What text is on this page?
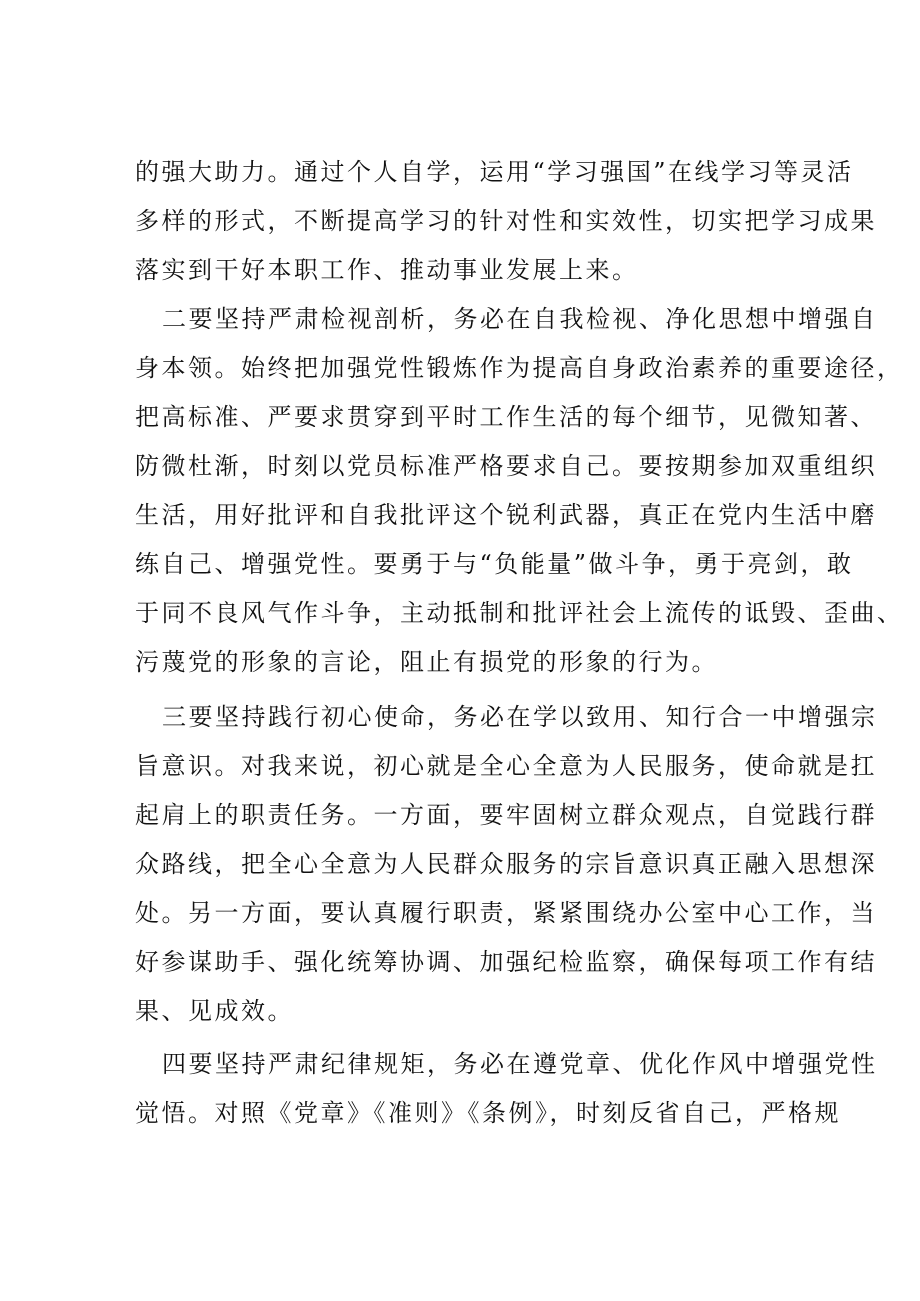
的强大助力。通过个人自学，运用“学习强国”在线学习等灵活
多样的形式，不断提高学习的针对性和实效性，切实把学习成果
落实到干好本职工作、推动事业发展上来。
二要坚持严肃检视剖析，务必在自我检视、净化思想中增强自
身本领。始终把加强党性锻炼作为提高自身政治素养的重要途径，
把高标准、严要求贯穿到平时工作生活的每个细节，见微知著、
防微杜渐，时刻以党员标准严格要求自己。要按期参加双重组织
生活，用好批评和自我批评这个锐利武器，真正在党内生活中磨
练自己、增强党性。要勇于与“负能量”做斗争，勇于亮剑，敢
于同不良风气作斗争，主动抵制和批评社会上流传的诋毁、歪曲、
污蔑党的形象的言论，阻止有损党的形象的行为。
三要坚持践行初心使命，务必在学以致用、知行合一中增强宗
旨意识。对我来说，初心就是全心全意为人民服务，使命就是扛
起肩上的职责任务。一方面，要牢固树立群众观点，自觉践行群
众路线，把全心全意为人民群众服务的宗旨意识真正融入思想深
处。另一方面，要认真履行职责，紧紧围绕办公室中心工作，当
好参谋助手、强化统筹协调、加强纪检监察，确保每项工作有结
果、见成效。
四要坚持严肃纪律规矩，务必在遵党章、优化作风中增强党性
觉悟。对照《党章》《准则》《条例》，时刻反省自己，严格规
